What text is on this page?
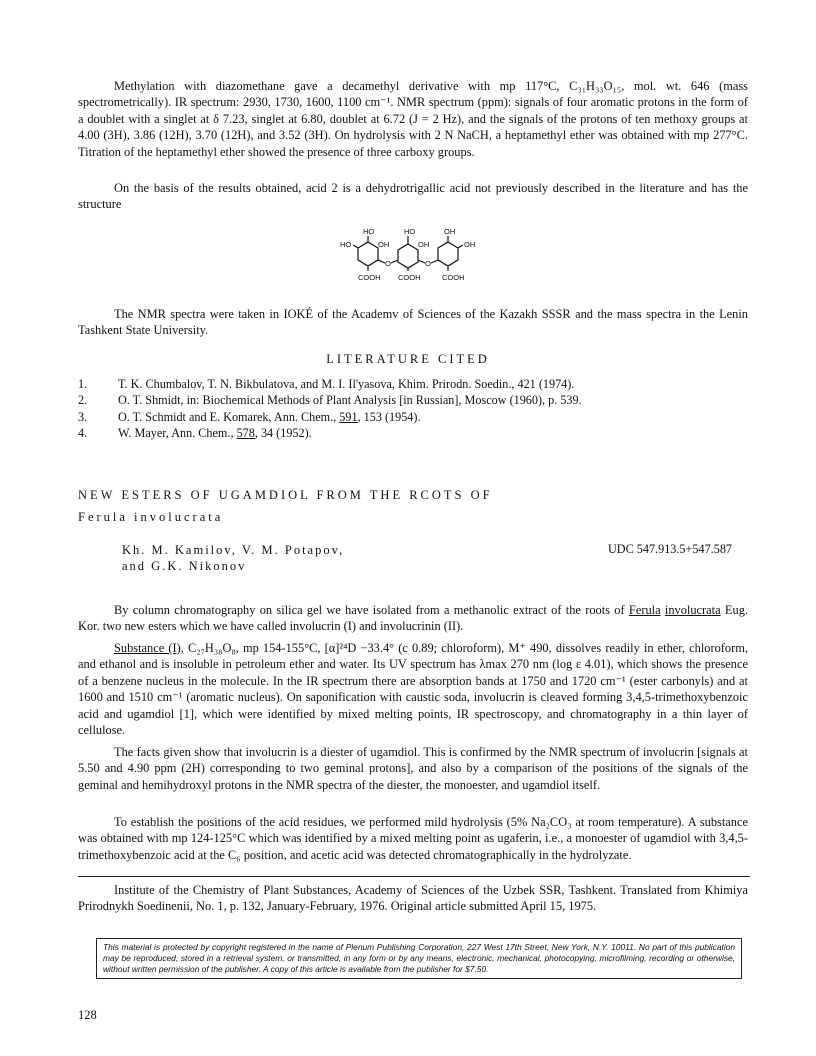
Methylation with diazomethane gave a decamethyl derivative with mp 117°C, C₃₁H₃₃O₁₅, mol. wt. 646 (mass spectrometrically). IR spectrum: 2930, 1730, 1600, 1100 cm⁻¹. NMR spectrum (ppm): signals of four aromatic protons in the form of a doublet with a singlet at δ 7.23, singlet at 6.80, doublet at 6.72 (J = 2 Hz), and the signals of the protons of ten methoxy groups at 4.00 (3H), 3.86 (12H), 3.70 (12H), and 3.52 (3H). On hydrolysis with 2 N NaCH, a heptamethyl ether was obtained with mp 277°C. Titration of the heptamethyl ether showed the presence of three carboxy groups.
On the basis of the results obtained, acid 2 is a dehydrotrigallic acid not previously described in the literature and has the structure
HO
HO	OH
HO
OH
OH
OH
O	O
COOH COOH	COOH
The NMR spectra were taken in IOKÉ of the Academv of Sciences of the Kazakh SSSR and the mass spectra in the Lenin Tashkent State University.
LITERATURE CITED
1.	T. K. Chumbalov, T. N. Bikbulatova, and M. I. Il'yasova, Khim. Prirodn. Soedin., 421 (1974).
2.	O. T. Shmidt, in: Biochemical Methods of Plant Analysis [in Russian], Moscow (1960), p. 539.
3.	O. T. Schmidt and E. Komarek, Ann. Chem., 591, 153 (1954).
4.	W. Mayer, Ann. Chem., 578, 34 (1952).
NEW ESTERS OF UGAMDIOL FROM THE RCOTS OF
Ferula involucrata
Kh. M. Kamilov, V. M. Potapov,
and G.K. Nikonov
UDC 547.913.5+547.587
By column chromatography on silica gel we have isolated from a methanolic extract of the roots of Ferula involucrata Eug. Kor. two new esters which we have called involucrin (I) and involucrinin (II).
Substance (I), C₂₇H₃₈O₈, mp 154-155°C, [α]²⁴D −33.4° (c 0.89; chloroform), M⁺ 490, dissolves readily in ether, chloroform, and ethanol and is insoluble in petroleum ether and water. Its UV spectrum has λmax 270 nm (log ε 4.01), which shows the presence of a benzene nucleus in the molecule. In the IR spectrum there are absorption bands at 1750 and 1720 cm⁻¹ (ester carbonyls) and at 1600 and 1510 cm⁻¹ (aromatic nucleus). On saponification with caustic soda, involucrin is cleaved forming 3,4,5-trimethoxybenzoic acid and ugamdiol [1], which were identified by mixed melting points, IR spectroscopy, and chromatography in a thin layer of cellulose.
The facts given show that involucrin is a diester of ugamdiol. This is confirmed by the NMR spectrum of involucrin [signals at 5.50 and 4.90 ppm (2H) corresponding to two geminal protons], and also by a comparison of the positions of the signals of the geminal and hemihydroxyl protons in the NMR spectra of the diester, the monoester, and ugamdiol itself.
To establish the positions of the acid residues, we performed mild hydrolysis (5% Na₂CO₃ at room temperature). A substance was obtained with mp 124-125°C which was identified by a mixed melting point as ugaferin, i.e., a monoester of ugamdiol with 3,4,5-trimethoxybenzoic acid at the C₆ position, and acetic acid was detected chromatographically in the hydrolyzate.
Institute of the Chemistry of Plant Substances, Academy of Sciences of the Uzbek SSR, Tashkent. Translated from Khimiya Prirodnykh Soedinenii, No. 1, p. 132, January-February, 1976. Original article submitted April 15, 1975.
This material is protected by copyright registered in the name of Plenum Publishing Corporation, 227 West 17th Street, New York, N.Y. 10011. No part of this publication may be reproduced, stored in a retrieval system, or transmitted, in any form or by any means, electronic, mechanical, photocopying, microfilming, recording or otherwise, without written permission of the publisher. A copy of this article is available from the publisher for $7.50.
128
